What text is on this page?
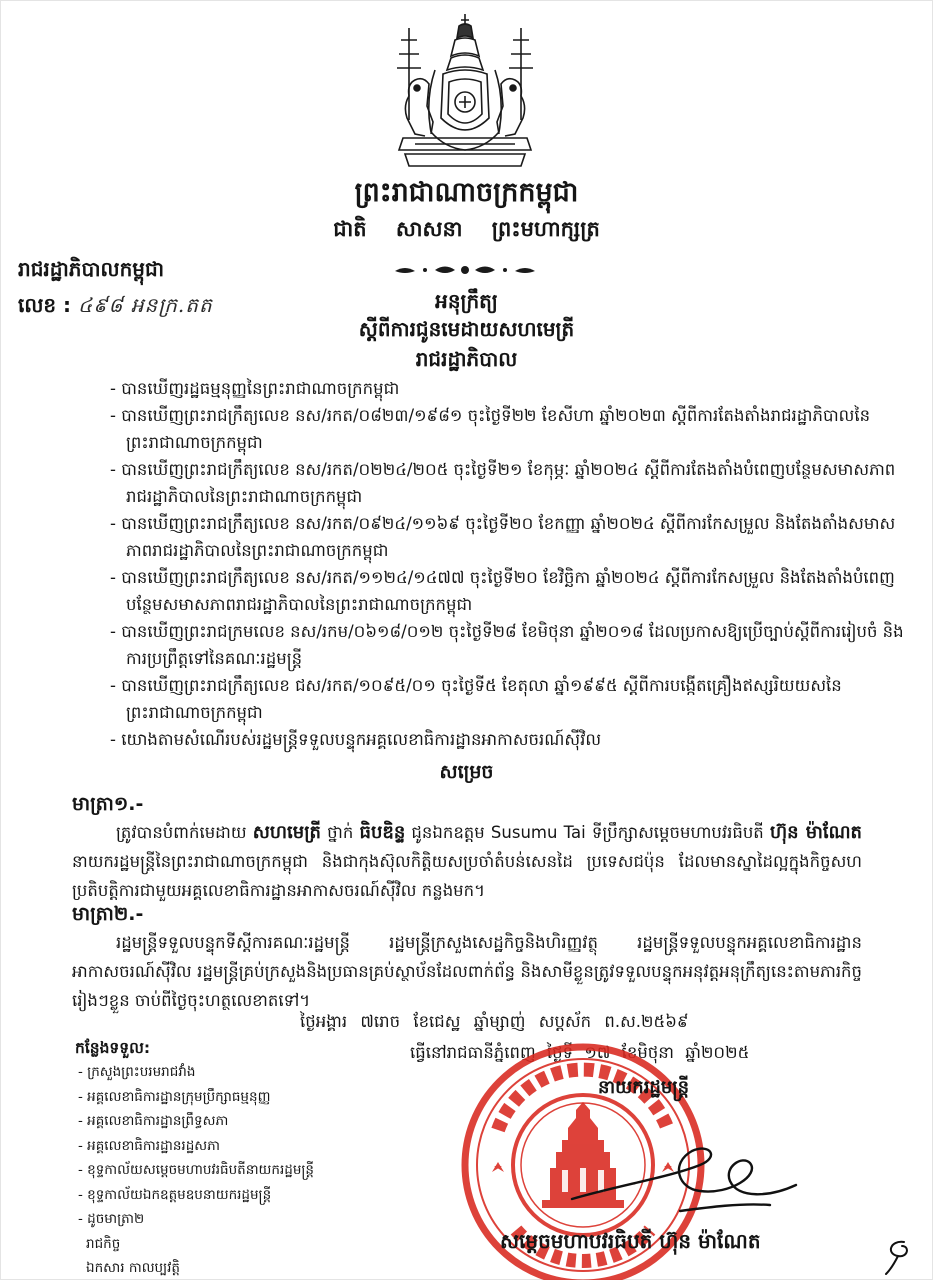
ព្រះរាជាណាចក្រកម្ពុជា
ជាតិ សាសនា ព្រះមហាក្សត្រ
រាជរដ្ឋាភិបាលកម្ពុជា
លេខ : ៤៩៨ អនក្រ.តត	អនុក្រឹត្យ
ស្ដីពីការជូនមេដាយសហមេត្រី
រាជរដ្ឋាភិបាល
- បានឃើញរដ្ឋធម្មនុញ្ញនៃព្រះរាជាណាចក្រកម្ពុជា
- បានឃើញព្រះរាជក្រឹត្យលេខ នស/រកត/០៨២៣/១៩៨១ ចុះថ្ងៃទី២២ ខែសីហា ឆ្នាំ២០២៣ ស្ដីពីការតែងតាំងរាជរដ្ឋាភិបាលនៃព្រះរាជាណាចក្រកម្ពុជា
- បានឃើញព្រះរាជក្រឹត្យលេខ នស/រកត/០២២៤/២០៥ ចុះថ្ងៃទី២១ ខែកុម្ភៈ ឆ្នាំ២០២៤ ស្ដីពីការតែងតាំងបំពេញបន្ថែមសមាសភាពរាជរដ្ឋាភិបាលនៃព្រះរាជាណាចក្រកម្ពុជា
- បានឃើញព្រះរាជក្រឹត្យលេខ នស/រកត/០៩២៤/១១៦៩ ចុះថ្ងៃទី២០ ខែកញ្ញា ឆ្នាំ២០២៤ ស្ដីពីការកែសម្រួល និងតែងតាំងសមាសភាពរាជរដ្ឋាភិបាលនៃព្រះរាជាណាចក្រកម្ពុជា
- បានឃើញព្រះរាជក្រឹត្យលេខ នស/រកត/១១២៤/១៤៧៧ ចុះថ្ងៃទី២០ ខែវិច្ឆិកា ឆ្នាំ២០២៤ ស្ដីពីការកែសម្រួល និងតែងតាំងបំពេញបន្ថែមសមាសភាពរាជរដ្ឋាភិបាលនៃព្រះរាជាណាចក្រកម្ពុជា
- បានឃើញព្រះរាជក្រមលេខ នស/រកម/០៦១៨/០១២ ចុះថ្ងៃទី២៨ ខែមិថុនា ឆ្នាំ២០១៨ ដែលប្រកាសឱ្យប្រើច្បាប់ស្ដីពីការរៀបចំ និងការប្រព្រឹត្តទៅនៃគណៈរដ្ឋមន្ត្រី
- បានឃើញព្រះរាជក្រឹត្យលេខ ជស/រកត/១០៩៥/០១ ចុះថ្ងៃទី៥ ខែតុលា ឆ្នាំ១៩៩៥ ស្ដីពីការបង្កើតគ្រឿងឥស្សរិយយសនៃព្រះរាជាណាចក្រកម្ពុជា
- យោងតាមសំណើរបស់រដ្ឋមន្ត្រីទទួលបន្ទុកអគ្គលេខាធិការដ្ឋានអាកាសចរណ៍ស៊ីវិល
សម្រេច
មាត្រា១.-
ត្រូវបានបំពាក់មេដាយ សហមេត្រី ថ្នាក់ ធិបឌិន្ទ ជូនឯកឧត្តម Susumu Tai ទីប្រឹក្សាសម្ដេចមហាបវរធិបតី ហ៊ុន ម៉ាណែត នាយករដ្ឋមន្ត្រីនៃព្រះរាជាណាចក្រកម្ពុជា និងជាកុងស៊ុលកិត្តិយសប្រចាំតំបន់សេនដៃ ប្រទេសជប៉ុន ដែលមានស្នាដៃល្អក្នុងកិច្ចសហប្រតិបត្តិការជាមួយអគ្គលេខាធិការដ្ឋានអាកាសចរណ៍ស៊ីវិល កន្លងមក។
មាត្រា២.-
រដ្ឋមន្ត្រីទទួលបន្ទុកទីស្ដីការគណៈរដ្ឋមន្ត្រី រដ្ឋមន្ត្រីក្រសួងសេដ្ឋកិច្ចនិងហិរញ្ញវត្ថុ រដ្ឋមន្ត្រីទទួលបន្ទុកអគ្គលេខាធិការដ្ឋានអាកាសចរណ៍ស៊ីវិល រដ្ឋមន្ត្រីគ្រប់ក្រសួងនិងប្រធានគ្រប់ស្ថាប័នដែលពាក់ព័ន្ធ និងសាមីខ្លួនត្រូវទទួលបន្ទុកអនុវត្តអនុក្រឹត្យនេះតាមភារកិច្ចរៀងៗខ្លួន ចាប់ពីថ្ងៃចុះហត្ថលេខាតទៅ។
ថ្ងៃអង្គារ ៧រោច ខែជេស្ឋ ឆ្នាំម្សាញ់ សប្ដស័ក ព.ស.២៥៦៩
ធ្វើនៅរាជធានីភ្នំពេញ ថ្ងៃទី ១៧ ខែមិថុនា ឆ្នាំ២០២៥
កន្លែងទទួល:
- ក្រសួងព្រះបរមរាជវាំង
- អគ្គលេខាធិការដ្ឋានក្រុមប្រឹក្សាធម្មនុញ្ញ
- អគ្គលេខាធិការដ្ឋានព្រឹទ្ធសភា
- អគ្គលេខាធិការដ្ឋានរដ្ឋសភា
- ខុទ្ទកាល័យសម្ដេចមហាបវរធិបតីនាយករដ្ឋមន្ត្រី
- ខុទ្ទកាល័យឯកឧត្តមឧបនាយករដ្ឋមន្ត្រី
- ដូចមាត្រា២
រាជកិច្ច
ឯកសារ កាលប្បវត្តិ
នាយករដ្ឋមន្ត្រី
សម្ដេចមហាបវរធិបតី ហ៊ុន ម៉ាណែត
